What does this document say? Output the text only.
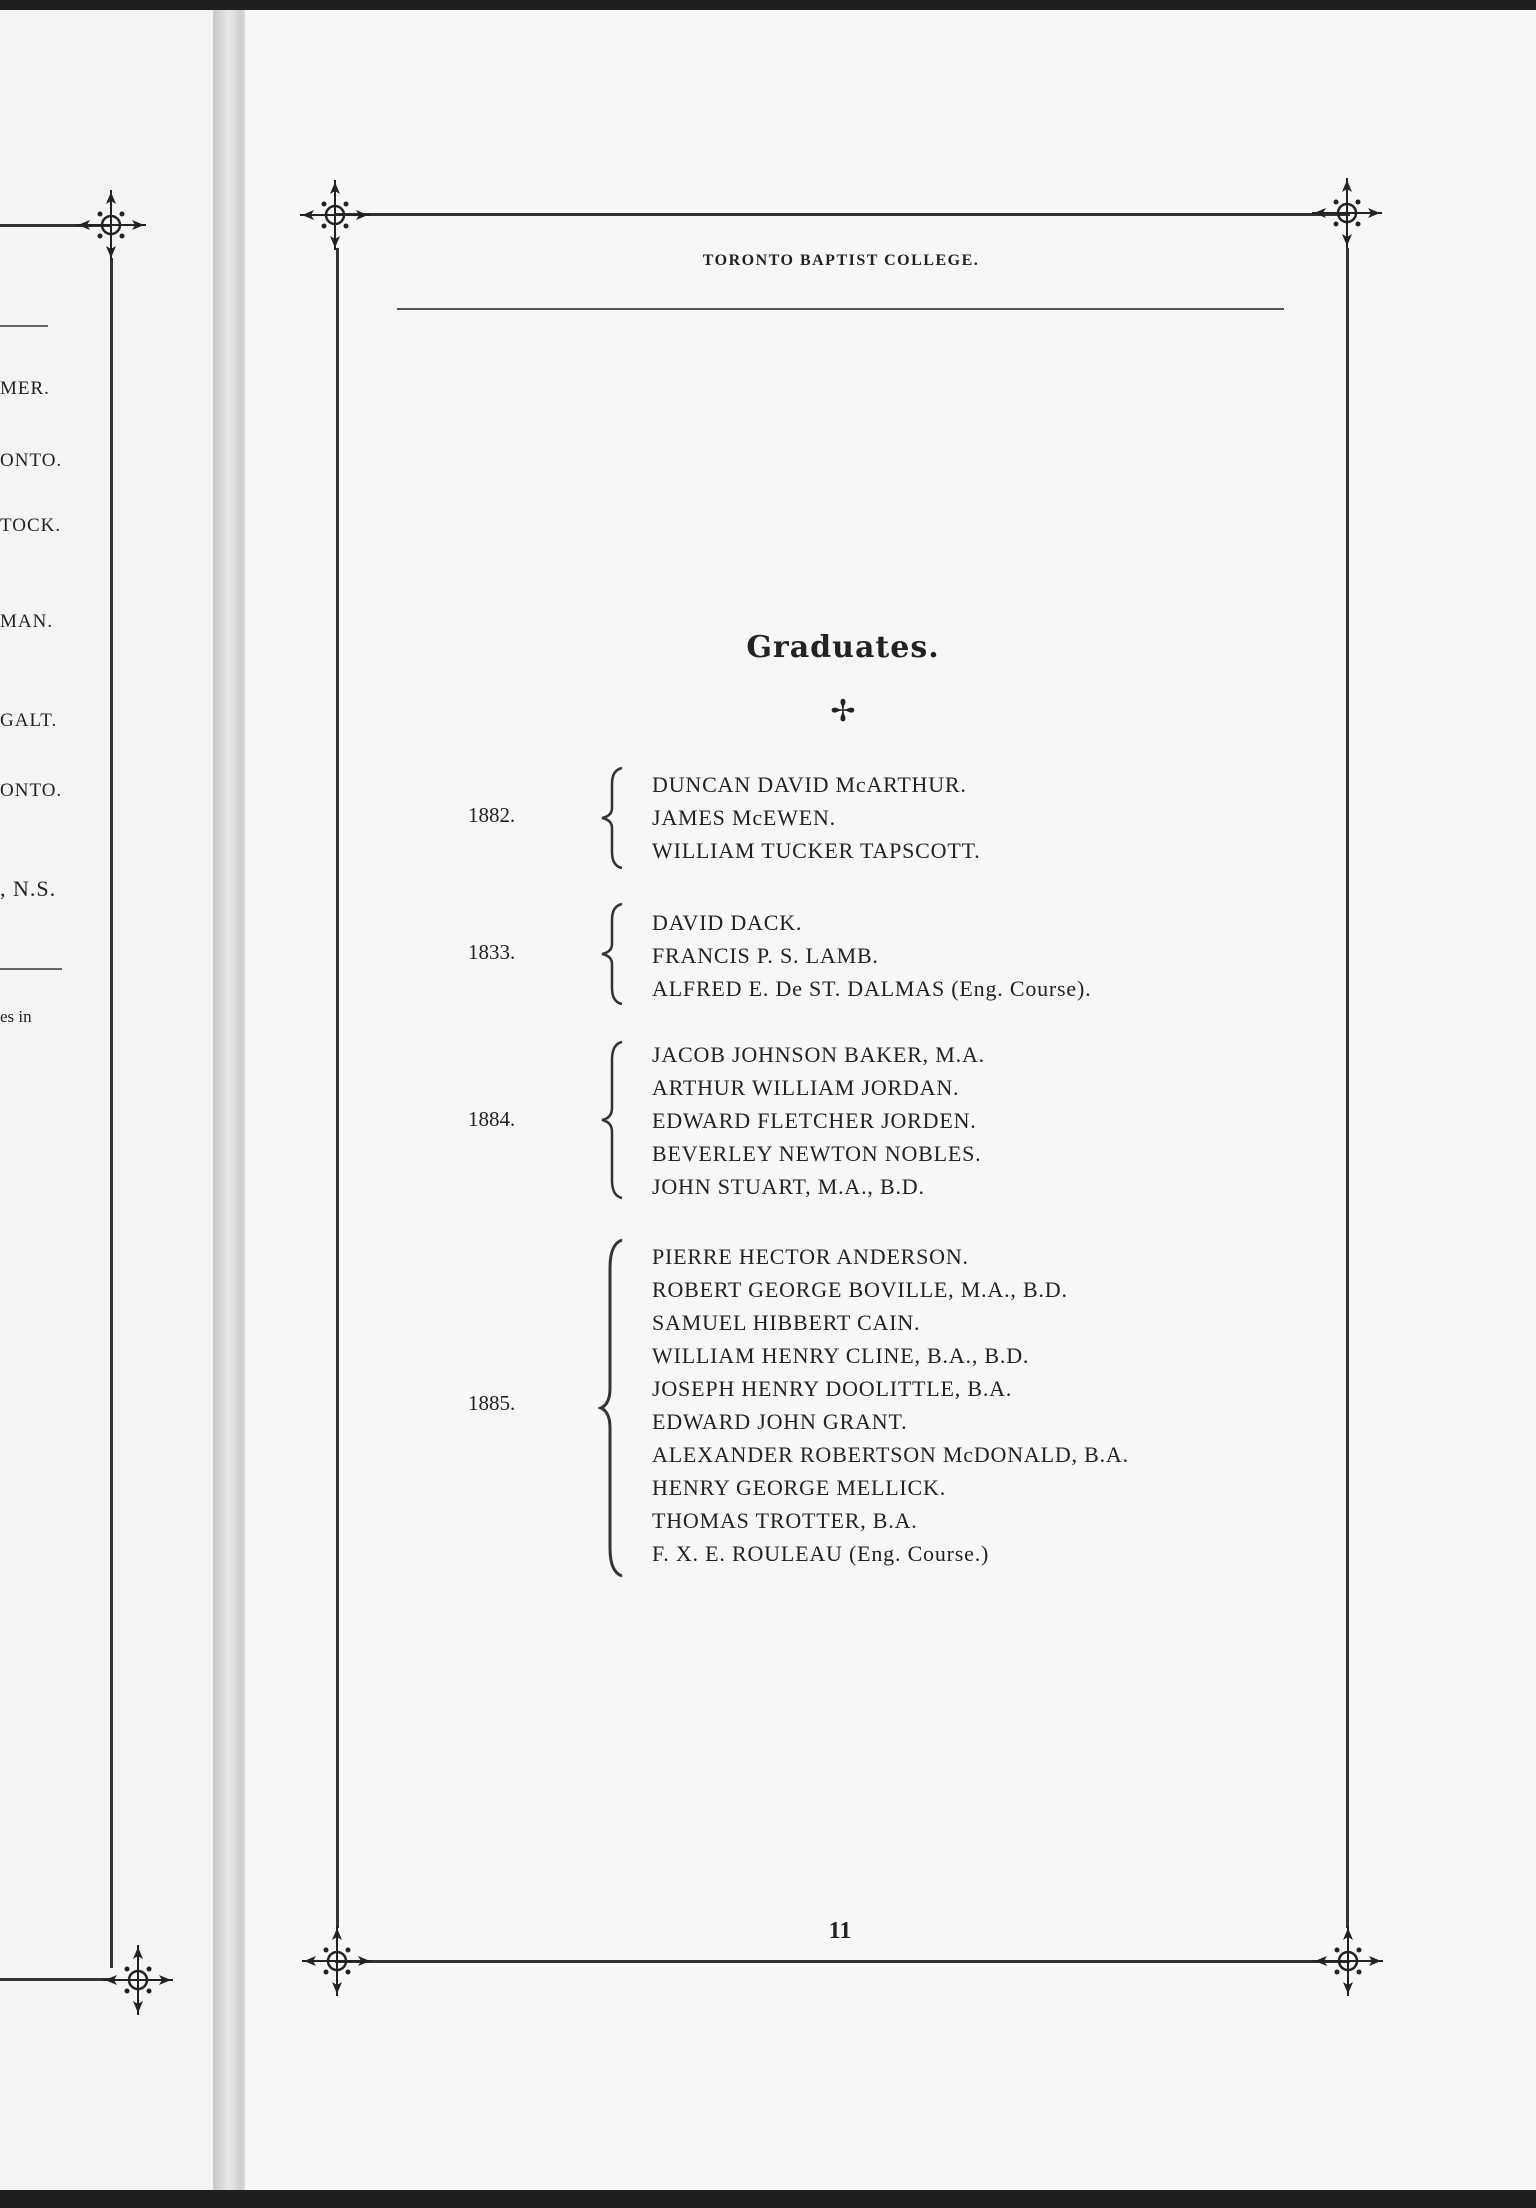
MER.
ONTO.
TOCK.
MAN.
GALT.
ONTO.
, N.S.
es in
TORONTO BAPTIST COLLEGE.
Graduates.
✢
1882.
DUNCAN DAVID McARTHUR.
JAMES McEWEN.
WILLIAM TUCKER TAPSCOTT.
1833.
DAVID DACK.
FRANCIS P. S. LAMB.
ALFRED E. De ST. DALMAS (Eng. Course).
1884.
JACOB JOHNSON BAKER, M.A.
ARTHUR WILLIAM JORDAN.
EDWARD FLETCHER JORDEN.
BEVERLEY NEWTON NOBLES.
JOHN STUART, M.A., B.D.
1885.
PIERRE HECTOR ANDERSON.
ROBERT GEORGE BOVILLE, M.A., B.D.
SAMUEL HIBBERT CAIN.
WILLIAM HENRY CLINE, B.A., B.D.
JOSEPH HENRY DOOLITTLE, B.A.
EDWARD JOHN GRANT.
ALEXANDER ROBERTSON McDONALD, B.A.
HENRY GEORGE MELLICK.
THOMAS TROTTER, B.A.
F. X. E. ROULEAU (Eng. Course.)
11
